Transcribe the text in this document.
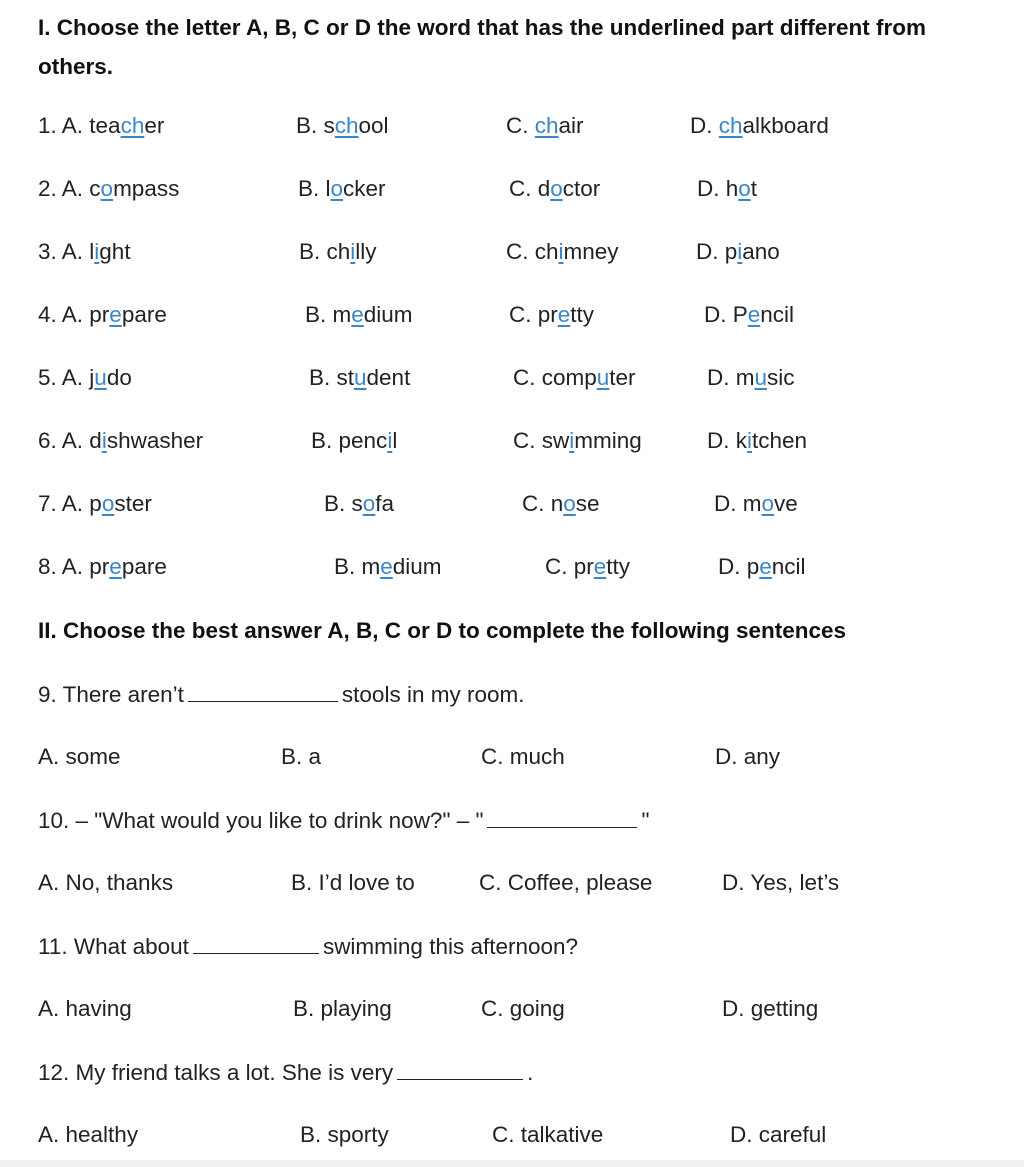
I. Choose the letter A, B, C or D the word that has the underlined part different from others.
1. A. teacher	B. school	C. chair	D. chalkboard
2. A. compass	B. locker	C. doctor	D. hot
3. A. light	B. chilly	C. chimney	D. piano
4. A. prepare	B. medium	C. pretty	D. Pencil
5. A. judo	B. student	C. computer	D. music
6. A. dishwasher	B. pencil	C. swimming	D. kitchen
7. A. poster	B. sofa	C. nose	D. move
8. A. prepare	B. medium	C. pretty	D. pencil
II. Choose the best answer A, B, C or D to complete the following sentences
9. There aren’t	stools in my room.
A. some	B. a	C. much	D. any
10. – "What would you like to drink now?" – "	"
A. No, thanks	B. I’d love to	C. Coffee, please	D. Yes, let’s
11. What about	swimming this afternoon?
A. having	B. playing	C. going	D. getting
12. My friend talks a lot. She is very	.
A. healthy	B. sporty	C. talkative	D. careful
